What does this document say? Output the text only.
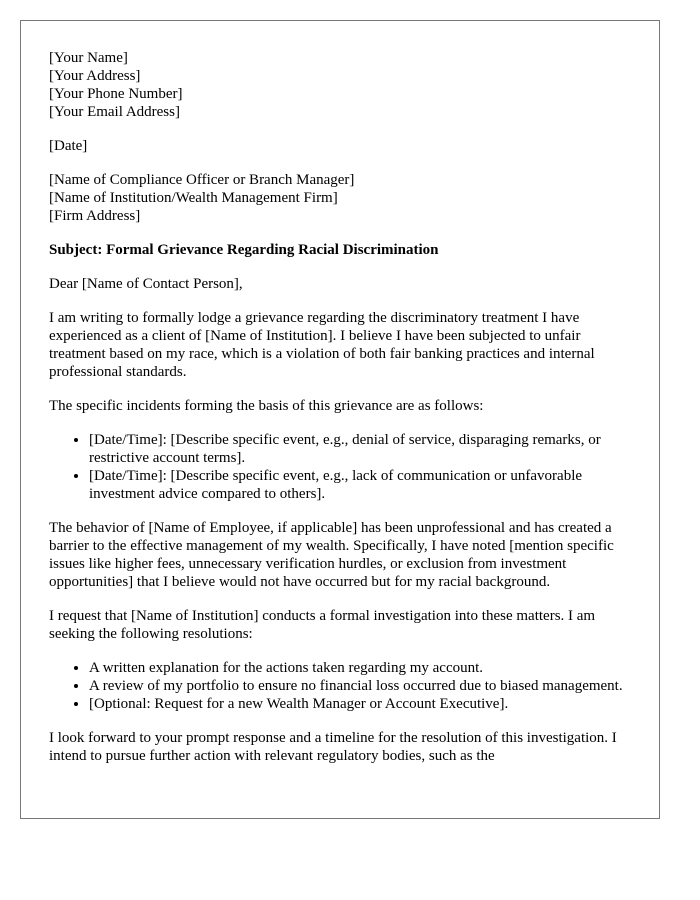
[Your Name]
[Your Address]
[Your Phone Number]
[Your Email Address]
[Date]
[Name of Compliance Officer or Branch Manager]
[Name of Institution/Wealth Management Firm]
[Firm Address]

Subject: Formal Grievance Regarding Racial Discrimination

Dear [Name of Contact Person],

I am writing to formally lodge a grievance regarding the discriminatory treatment I have experienced as a client of [Name of Institution]. I believe I have been subjected to unfair treatment based on my race, which is a violation of both fair banking practices and internal professional standards.

The specific incidents forming the basis of this grievance are as follows:

• [Date/Time]: [Describe specific event, e.g., denial of service, disparaging remarks, or restrictive account terms].
• [Date/Time]: [Describe specific event, e.g., lack of communication or unfavorable investment advice compared to others].

The behavior of [Name of Employee, if applicable] has been unprofessional and has created a barrier to the effective management of my wealth. Specifically, I have noted [mention specific issues like higher fees, unnecessary verification hurdles, or exclusion from investment opportunities] that I believe would not have occurred but for my racial background.

I request that [Name of Institution] conducts a formal investigation into these matters. I am seeking the following resolutions:

• A written explanation for the actions taken regarding my account.
• A review of my portfolio to ensure no financial loss occurred due to biased management.
• [Optional: Request for a new Wealth Manager or Account Executive].

I look forward to your prompt response and a timeline for the resolution of this investigation. I intend to pursue further action with relevant regulatory bodies, such as the
